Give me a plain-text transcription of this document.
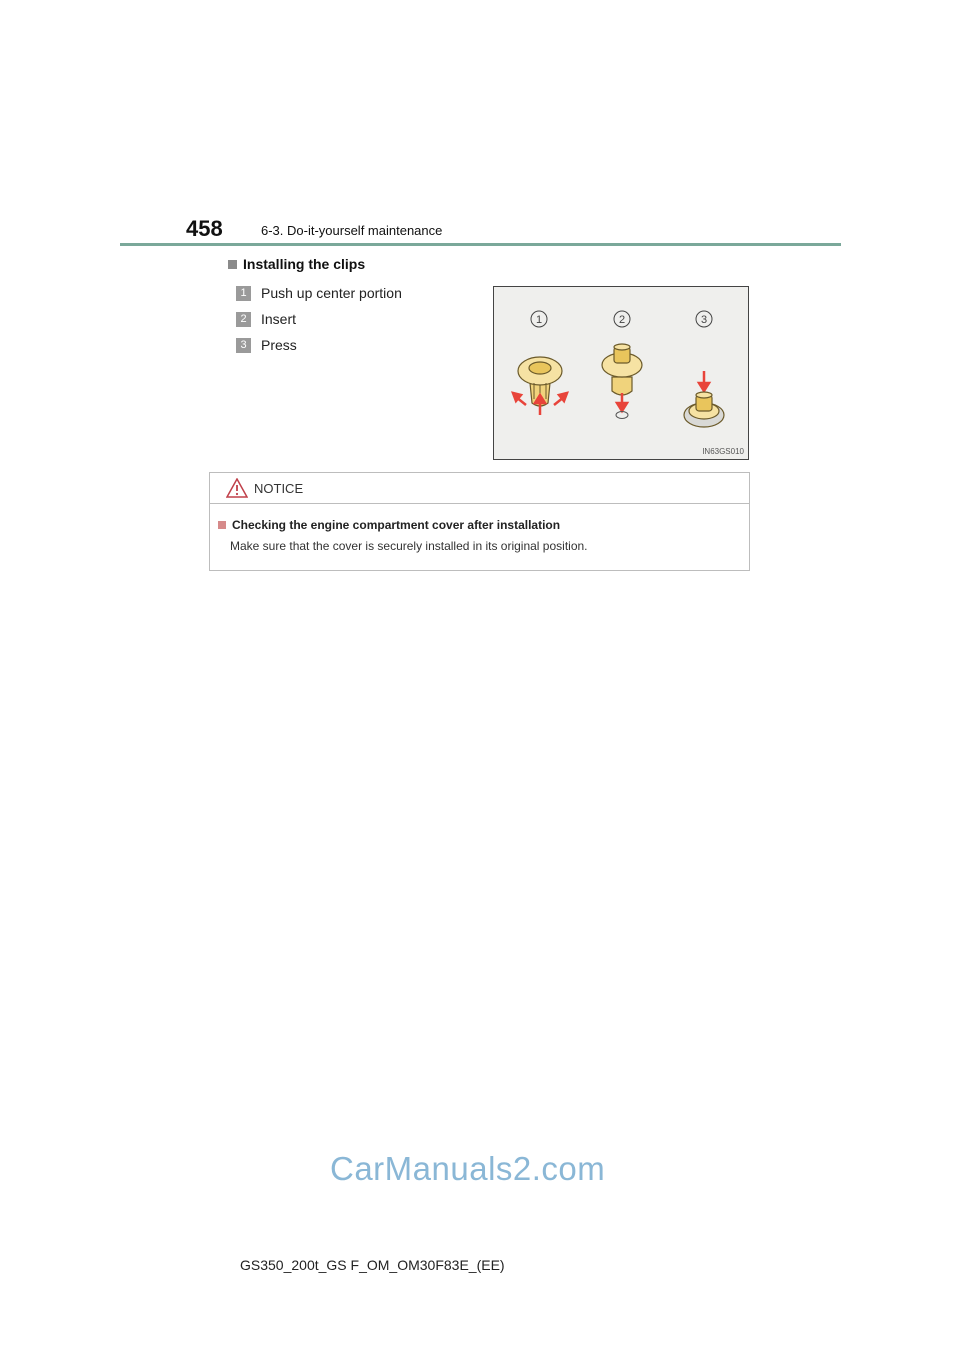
458	6-3. Do-it-yourself maintenance
Installing the clips
1	Push up center portion
2	Insert
3	Press
1	2	3
IN63GS010
NOTICE
Checking the engine compartment cover after installation
Make sure that the cover is securely installed in its original position.
CarManuals2.com
GS350_200t_GS F_OM_OM30F83E_(EE)
